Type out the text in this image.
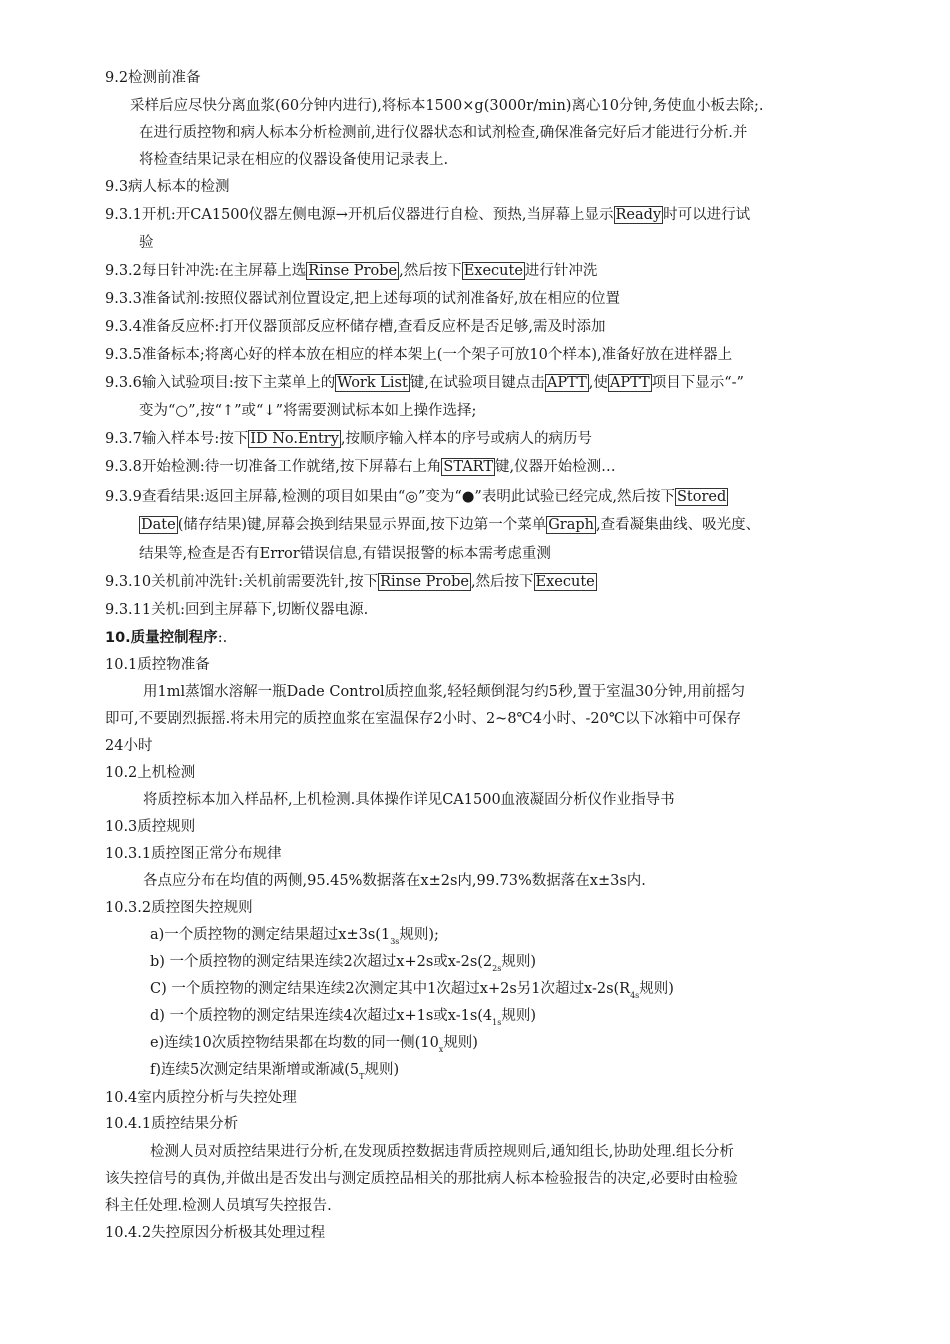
9.2检测前准备
采样后应尽快分离血浆(60分钟内进行),将标本1500×g(3000r/min)离心10分钟,务使血小板去除;.
在进行质控物和病人标本分析检测前,进行仪器状态和试剂检查,确保准备完好后才能进行分析.并
将检查结果记录在相应的仪器设备使用记录表上.
9.3病人标本的检测
9.3.1开机:开CA1500仪器左侧电源→开机后仪器进行自检、预热,当屏幕上显示 Ready 时可以进行试
验
9.3.2每日针冲洗:在主屏幕上选 Rinse Probe ,然后按下 Execute 进行针冲洗
9.3.3准备试剂:按照仪器试剂位置设定,把上述每项的试剂准备好,放在相应的位置
9.3.4准备反应杯:打开仪器顶部反应杯储存槽,查看反应杯是否足够,需及时添加
9.3.5准备标本;将离心好的样本放在相应的样本架上(一个架子可放10个样本),准备好放在进样器上
9.3.6输入试验项目:按下主菜单上的 Work List 键,在试验项目键点击 APTT ,使 APTT 项目下显示“-”
变为“○”,按“↑”或“↓”将需要测试标本如上操作选择;
9.3.7输入样本号:按下 ID No.Entry ,按顺序输入样本的序号或病人的病历号
9.3.8开始检测:待一切准备工作就绪,按下屏幕右上角 START 键,仪器开始检测…
9.3.9查看结果:返回主屏幕,检测的项目如果由“◎”变为“●”表明此试验已经完成,然后按下 Stored
Date (储存结果)键,屏幕会换到结果显示界面,按下边第一个菜单 Graph ,查看凝集曲线、吸光度、
结果等,检查是否有Error错误信息,有错误报警的标本需考虑重测
9.3.10关机前冲洗针:关机前需要洗针,按下 Rinse Probe ,然后按下 Execute
9.3.11关机:回到主屏幕下,切断仪器电源.
10.质量控制程序:.
10.1质控物准备
用1ml蒸馏水溶解一瓶Dade Control质控血浆,轻轻颠倒混匀约5秒,置于室温30分钟,用前摇匀
即可,不要剧烈振摇.将未用完的质控血浆在室温保存2小时、2~8℃4小时、-20℃以下冰箱中可保存
24小时
10.2上机检测
将质控标本加入样品杯,上机检测.具体操作详见CA1500血液凝固分析仪作业指导书
10.3质控规则
10.3.1质控图正常分布规律
各点应分布在均值的两侧,95.45%数据落在x±2s内,99.73%数据落在x±3s内.
10.3.2质控图失控规则
a)一个质控物的测定结果超过$x\pm 3s(1_{3s}$规则);
b) 一个质控物的测定结果连续2次超过x+2s或$x-2s(2_{2s}$规则)
C) 一个质控物的测定结果连续2次测定其中1次超过x+2s另1次超过$x-2s(R_{4s}$规则)
d) 一个质控物的测定结果连续4次超过x+1s或$x-1s(4_{1s}$规则)
e)连续10次质控物结果都在均数的同一侧($10_x$规则)
f)连续5次测定结果渐增或渐减($5_T$规则)
10.4室内质控分析与失控处理
10.4.1质控结果分析
检测人员对质控结果进行分析,在发现质控数据违背质控规则后,通知组长,协助处理.组长分析
该失控信号的真伪,并做出是否发出与测定质控品相关的那批病人标本检验报告的决定,必要时由检验
科主任处理.检测人员填写失控报告.
10.4.2失控原因分析极其处理过程
